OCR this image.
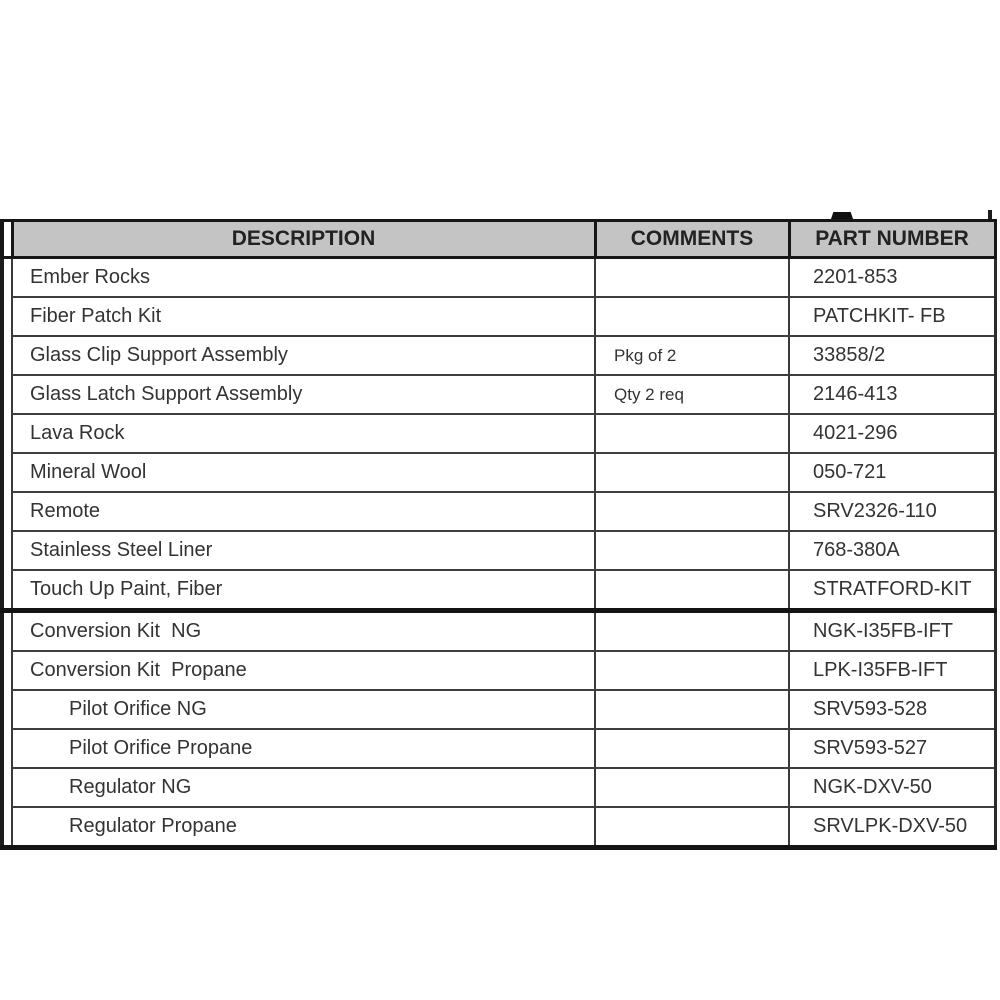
	DESCRIPTION	COMMENTS	PART NUMBER
	Ember Rocks		2201-853
	Fiber Patch Kit		PATCHKIT- FB
	Glass Clip Support Assembly	Pkg of 2	33858/2
	Glass Latch Support Assembly	Qty 2 req	2146-413
	Lava Rock		4021-296
	Mineral Wool		050-721
	Remote		SRV2326-110
	Stainless Steel Liner		768-380A
	Touch Up Paint, Fiber		STRATFORD-KIT
	Conversion Kit  NG		NGK-I35FB-IFT
	Conversion Kit  Propane		LPK-I35FB-IFT
	Pilot Orifice NG		SRV593-528
	Pilot Orifice Propane		SRV593-527
	Regulator NG		NGK-DXV-50
	Regulator Propane		SRVLPK-DXV-50
